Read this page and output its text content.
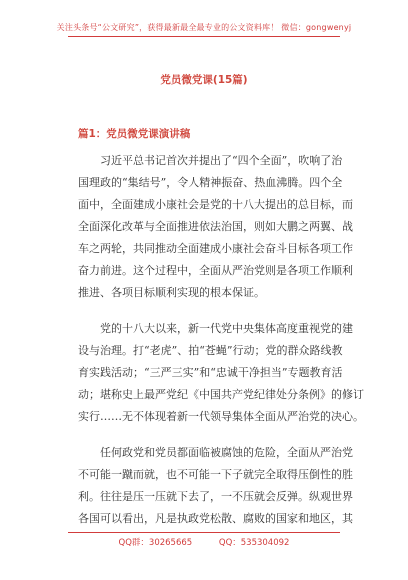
关注头条号“公文研究”，获得最新最全最专业的公文资料库！ 微信：gongwenyj
党员微党课(15篇)
篇1：党员微党课演讲稿
习近平总书记首次并提出了“四个全面”，吹响了治
国理政的“集结号”，令人精神振奋、热血沸腾。四个全
面中，全面建成小康社会是党的十八大提出的总目标，而
全面深化改革与全面推进依法治国，则如大鹏之两翼、战
车之两轮，共同推动全面建成小康社会奋斗目标各项工作
奋力前进。这个过程中，全面从严治党则是各项工作顺利
推进、各项目标顺利实现的根本保证。
党的十八大以来，新一代党中央集体高度重视党的建
设与治理。打“老虎”、拍“苍蝇”行动；党的群众路线教
育实践活动；“三严三实”和“忠诚干净担当”专题教育活
动；堪称史上最严党纪《中国共产党纪律处分条例》的修订
实行……无不体现着新一代领导集体全面从严治党的决心。
任何政党和党员都面临被腐蚀的危险，全面从严治党
不可能一蹴而就，也不可能一下子就完全取得压倒性的胜
利。往往是压一压就下去了，一不压就会反弹。纵观世界
各国可以看出，凡是执政党松散、腐败的国家和地区，其
QQ群：30265665	QQ：535304092
